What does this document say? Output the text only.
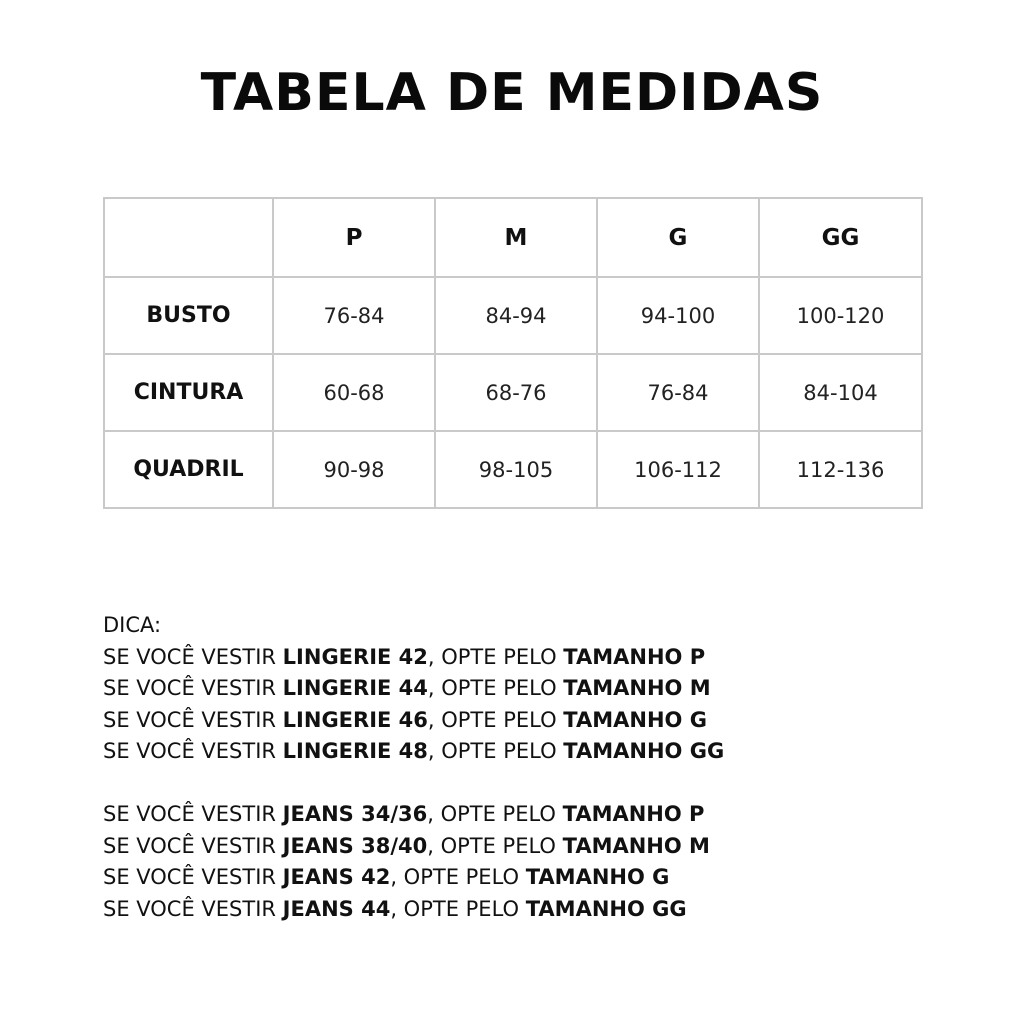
TABELA DE MEDIDAS
	P	M	G	GG
BUSTO	76-84	84-94	94-100	100-120
CINTURA	60-68	68-76	76-84	84-104
QUADRIL	90-98	98-105	106-112	112-136
DICA:
SE VOCÊ VESTIR LINGERIE 42, OPTE PELO TAMANHO P
SE VOCÊ VESTIR LINGERIE 44, OPTE PELO TAMANHO M
SE VOCÊ VESTIR LINGERIE 46, OPTE PELO TAMANHO G
SE VOCÊ VESTIR LINGERIE 48, OPTE PELO TAMANHO GG
SE VOCÊ VESTIR JEANS 34/36, OPTE PELO TAMANHO P
SE VOCÊ VESTIR JEANS 38/40, OPTE PELO TAMANHO M
SE VOCÊ VESTIR JEANS 42, OPTE PELO TAMANHO G
SE VOCÊ VESTIR JEANS 44, OPTE PELO TAMANHO GG
